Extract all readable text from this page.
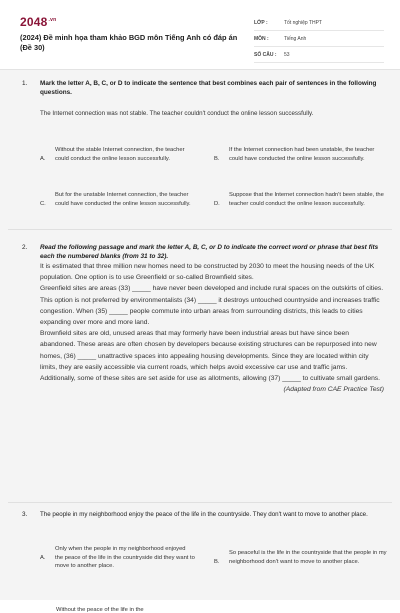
$2048^{.vn}$
(2024) Đề minh họa tham khảo BGD môn Tiếng Anh có đáp án (Đề 30)
LỚP :	Tốt nghiệp THPT
MÔN :	Tiếng Anh
SỐ CÂU :	53
1. Mark the letter A, B, C, or D to indicate the sentence that best combines each pair of sentences in the following questions.
The Internet connection was not stable. The teacher couldn't conduct the online lesson successfully.
A.
Without the stable Internet connection, the teacher could conduct the online lesson successfully.	B.
If the Internet connection had been unstable, the teacher could have conducted the online lesson successfully.
C.
But for the unstable Internet connection, the teacher could have conducted the online lesson successfully.	D.
Suppose that the Internet connection hadn't been stable, the teacher could conduct the online lesson successfully.
2. Read the following passage and mark the letter A, B, C, or D to indicate the correct word or phrase that best fits each the numbered blanks (from 31 to 32).

It is estimated that three million new homes need to be constructed by 2030 to meet the housing needs of the UK population. One option is to use Greenfield or so-called Brownfield sites.

Greenfield sites are areas (33) _____ have never been developed and include rural spaces on the outskirts of cities. This option is not preferred by environmentalists (34) _____ it destroys untouched countryside and increases traffic congestion. When (35) _____ people commute into urban areas from surrounding districts, this leads to cities expanding over more and more land.

Brownfield sites are old, unused areas that may formerly have been industrial areas but have since been abandoned. These areas are often chosen by developers because existing structures can be repurposed into new homes, (36) _____ unattractive spaces into appealing housing developments. Since they are located within city limits, they are easily accessible via current roads, which helps avoid excessive car use and traffic jams. Additionally, some of these sites are set aside for use as allotments, allowing (37) _____ to cultivate small gardens.

(Adapted from CAE Practice Test)

3. The people in my neighborhood enjoy the peace of the life in the countryside. They don't want to move to another place.
A.
Only when the people in my neighborhood enjoyed the peace of the life in the countryside did they want to move to another place.
B.
So peaceful is the life in the countryside that the people in my neighborhood don't want to move to another place.
Without the peace of the life in the
